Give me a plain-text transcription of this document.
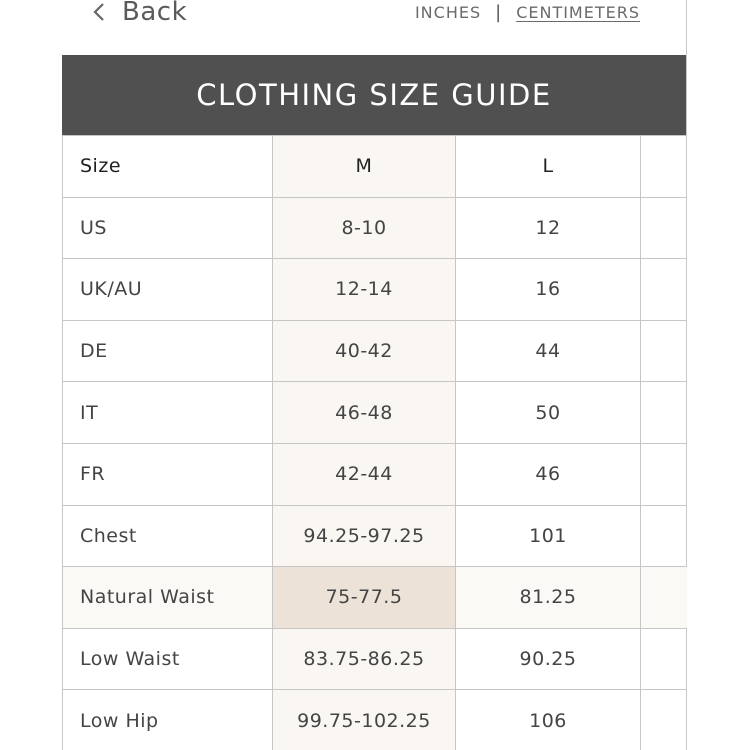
Back	INCHES | CENTIMETERS
CLOTHING SIZE GUIDE
Size	M	L	
US	8-10	12	
UK/AU	12-14	16	
DE	40-42	44	
IT	46-48	50	
FR	42-44	46	
Chest	94.25-97.25	101	
Natural Waist	75-77.5	81.25	
Low Waist	83.75-86.25	90.25	
Low Hip	99.75-102.25	106	
